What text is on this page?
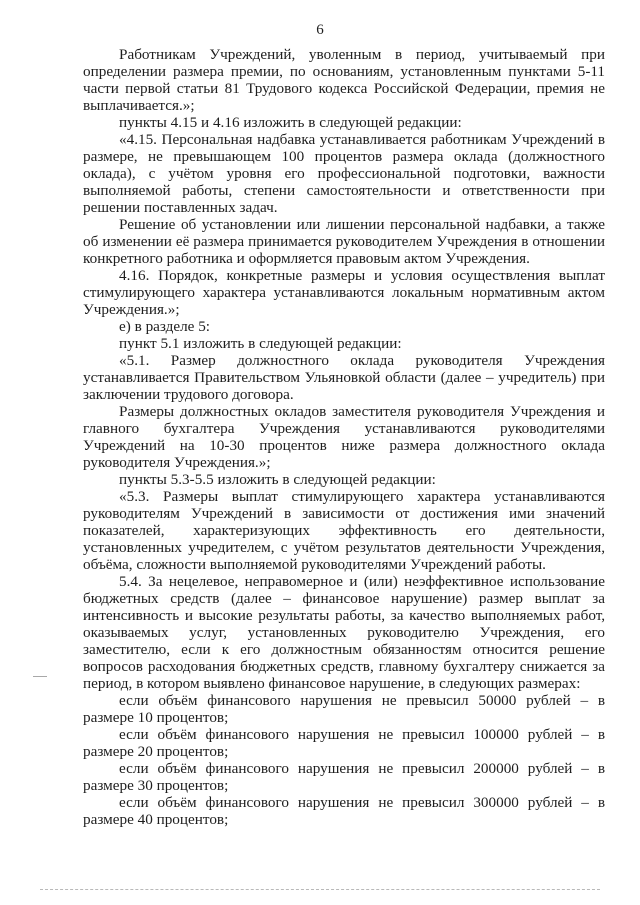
6

Работникам Учреждений, уволенным в период, учитываемый при определении размера премии, по основаниям, установленным пунктами 5-11 части первой статьи 81 Трудового кодекса Российской Федерации, премия не выплачивается.»;

пункты 4.15 и 4.16 изложить в следующей редакции:

«4.15. Персональная надбавка устанавливается работникам Учреждений в размере, не превышающем 100 процентов размера оклада (должностного оклада), с учётом уровня его профессиональной подготовки, важности выполняемой работы, степени самостоятельности и ответственности при решении поставленных задач.

Решение об установлении или лишении персональной надбавки, а также об изменении её размера принимается руководителем Учреждения в отношении конкретного работника и оформляется правовым актом Учреждения.

4.16. Порядок, конкретные размеры и условия осуществления выплат стимулирующего характера устанавливаются локальным нормативным актом Учреждения.»;

е) в разделе 5:

пункт 5.1 изложить в следующей редакции:

«5.1. Размер должностного оклада руководителя Учреждения устанавливается Правительством Ульяновкой области (далее – учредитель) при заключении трудового договора.

Размеры должностных окладов заместителя руководителя Учреждения и главного бухгалтера Учреждения устанавливаются руководителями Учреждений на 10-30 процентов ниже размера должностного оклада руководителя Учреждения.»;

пункты 5.3-5.5 изложить в следующей редакции:

«5.3. Размеры выплат стимулирующего характера устанавливаются руководителям Учреждений в зависимости от достижения ими значений показателей, характеризующих эффективность его деятельности, установленных учредителем, с учётом результатов деятельности Учреждения, объёма, сложности выполняемой руководителями Учреждений работы.

5.4. За нецелевое, неправомерное и (или) неэффективное использование бюджетных средств (далее – финансовое нарушение) размер выплат за интенсивность и высокие результаты работы, за качество выполняемых работ, оказываемых услуг, установленных руководителю Учреждения, его заместителю, если к его должностным обязанностям относится решение вопросов расходования бюджетных средств, главному бухгалтеру снижается за период, в котором выявлено финансовое нарушение, в следующих размерах:

если объём финансового нарушения не превысил 50000 рублей – в размере 10 процентов;

если объём финансового нарушения не превысил 100000 рублей – в размере 20 процентов;

если объём финансового нарушения не превысил 200000 рублей – в размере 30 процентов;

если объём финансового нарушения не превысил 300000 рублей – в размере 40 процентов;
